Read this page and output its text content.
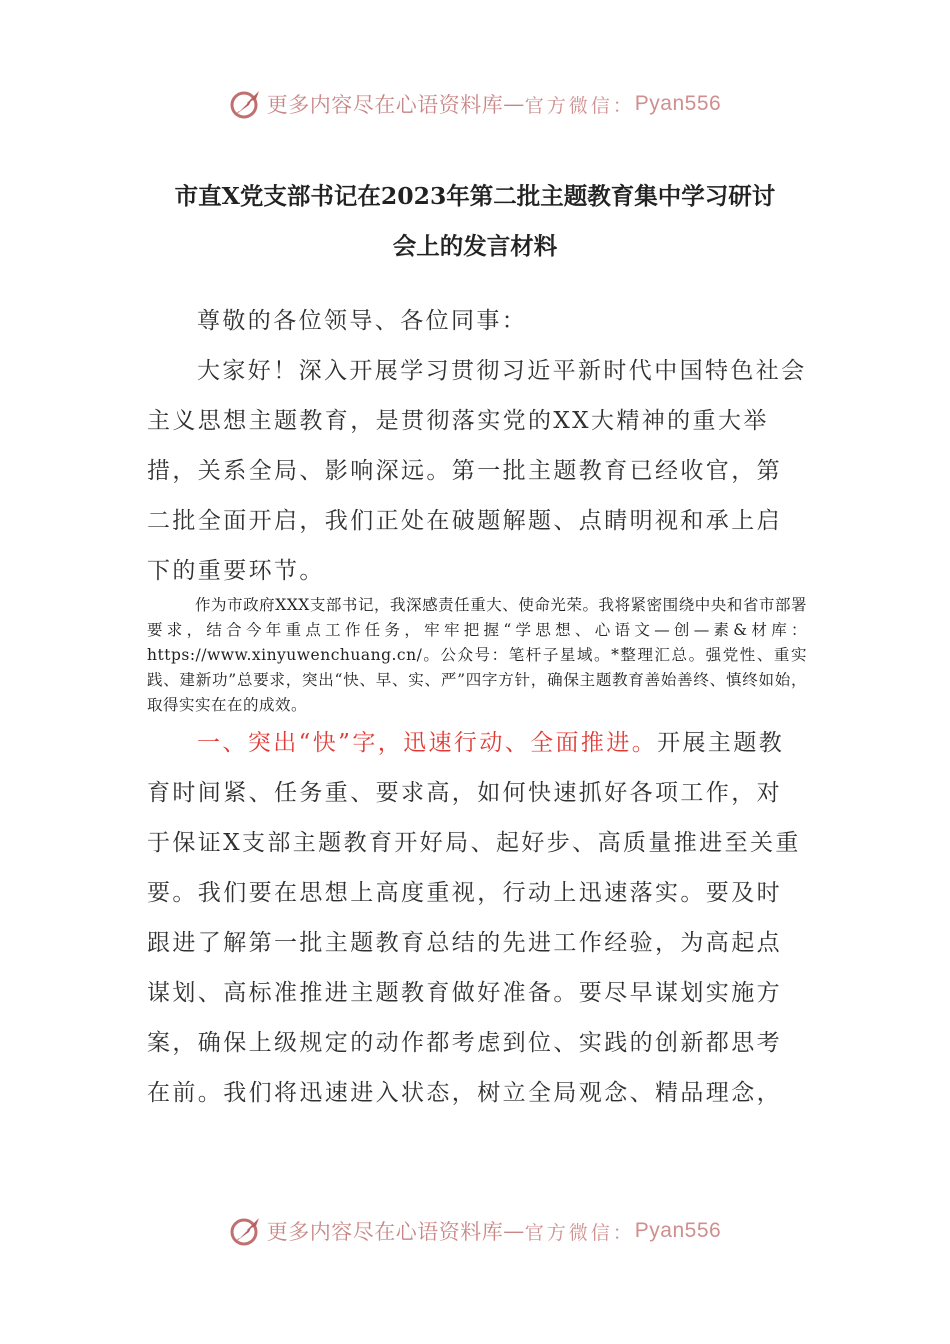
更多内容尽在心语资料库 — 官方微信： Pyan556
市直X党支部书记在2023年第二批主题教育集中学习研讨
会上的发言材料

尊敬的各位领导、各位同事：

大家好！深入开展学习贯彻习近平新时代中国特色社会主义思想主题教育，是贯彻落实党的XX大精神的重大举措，关系全局、影响深远。第一批主题教育已经收官，第二批全面开启，我们正处在破题解题、点睛明视和承上启下的重要环节。

作为市政府XXX支部书记，我深感责任重大、使命光荣。我将紧密围绕中央和省市部署要求，结合今年重点工作任务，牢牢把握“学思想、心语文—创—素&材库：https://www.xinyuwenchuang.cn/。公众号：笔杆子星域。*整理汇总。强党性、重实践、建新功”总要求，突出“快、早、实、严”四字方针，确保主题教育善始善终、慎终如始，取得实实在在的成效。

一、突出“快”字，迅速行动、全面推进。开展主题教育时间紧、任务重、要求高，如何快速抓好各项工作，对于保证X支部主题教育开好局、起好步、高质量推进至关重要。我们要在思想上高度重视，行动上迅速落实。要及时跟进了解第一批主题教育总结的先进工作经验，为高起点谋划、高标准推进主题教育做好准备。要尽早谋划实施方案，确保上级规定的动作都考虑到位、实践的创新都思考在前。我们将迅速进入状态，树立全局观念、精品理念，

更多内容尽在心语资料库 — 官方微信： Pyan556
